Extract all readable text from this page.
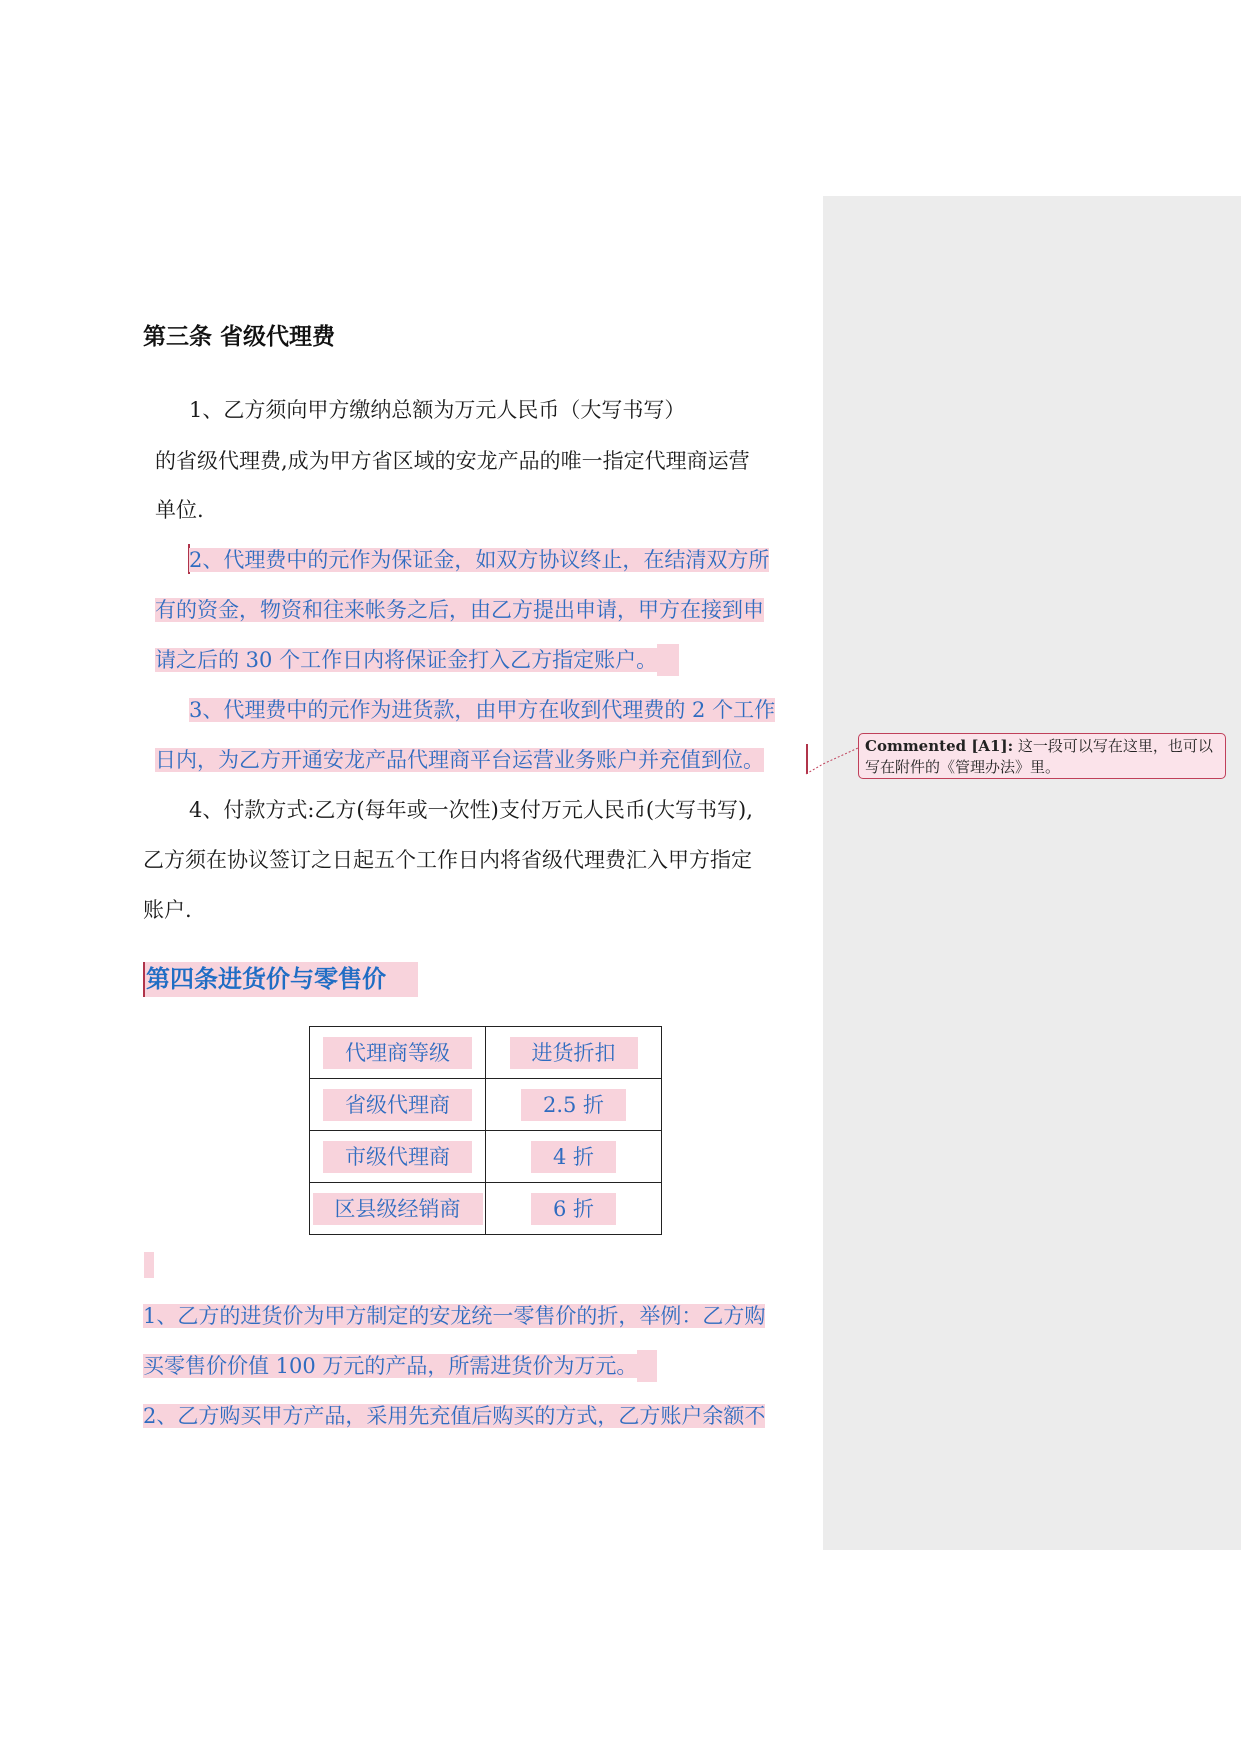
第三条 省级代理费
1、乙方须向甲方缴纳总额为万元人民币（大写书写）
的省级代理费,成为甲方省区域的安龙产品的唯一指定代理商运营
单位.
2、代理费中的元作为保证金，如双方协议终止，在结清双方所
有的资金，物资和往来帐务之后，由乙方提出申请，甲方在接到申
请之后的 30 个工作日内将保证金打入乙方指定账户。
3、代理费中的元作为进货款，由甲方在收到代理费的 2 个工作
日内，为乙方开通安龙产品代理商平台运营业务账户并充值到位。
4、付款方式:乙方(每年或一次性)支付万元人民币(大写书写),
乙方须在协议签订之日起五个工作日内将省级代理费汇入甲方指定
账户.
第四条进货价与零售价
代理商等级	进货折扣
省级代理商	2.5 折
市级代理商	4 折
区县级经销商	6 折
1、乙方的进货价为甲方制定的安龙统一零售价的折，举例：乙方购
买零售价价值 100 万元的产品，所需进货价为万元。
2、乙方购买甲方产品，采用先充值后购买的方式，乙方账户余额不
Commented [A1]: 这一段可以写在这里，也可以写在附件的《管理办法》里。
